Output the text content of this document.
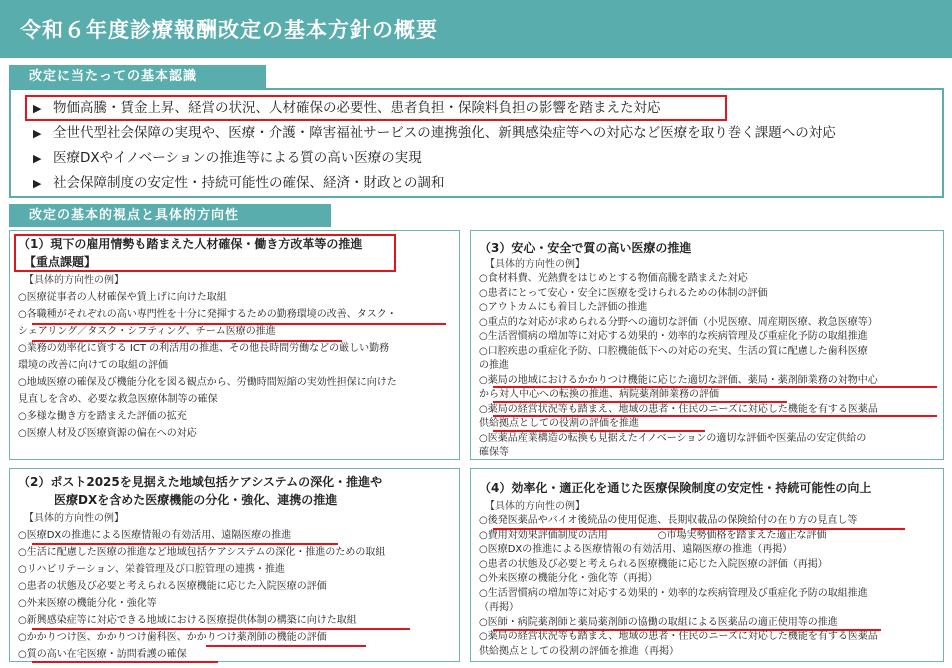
令和６年度診療報酬改定の基本方針の概要
改定に当たっての基本認識
▶ 物価高騰・賃金上昇、経営の状況、人材確保の必要性、患者負担・保険料負担の影響を踏まえた対応
▶ 全世代型社会保障の実現や、医療・介護・障害福祉サービスの連携強化、新興感染症等への対応など医療を取り巻く課題への対応
▶ 医療DXやイノベーションの推進等による質の高い医療の実現
▶ 社会保障制度の安定性・持続可能性の確保、経済・財政との調和
改定の基本的視点と具体的方向性
（1）現下の雇用情勢も踏まえた人材確保・働き方改革等の推進
【重点課題】
【具体的方向性の例】
○医療従事者の人材確保や賃上げに向けた取組
○各職種がそれぞれの高い専門性を十分に発揮するための勤務環境の改善、タスク・
シェアリング／タスク・シフティング、チーム医療の推進
○業務の効率化に資する ICT の利活用の推進、その他長時間労働などの厳しい勤務
環境の改善に向けての取組の評価
○地域医療の確保及び機能分化を図る観点から、労働時間短縮の実効性担保に向けた
見直しを含め、必要な救急医療体制等の確保
○多様な働き方を踏まえた評価の拡充
○医療人材及び医療資源の偏在への対応
（2）ポスト2025を見据えた地域包括ケアシステムの深化・推進や
医療DXを含めた医療機能の分化・強化、連携の推進
【具体的方向性の例】
○医療DXの推進による医療情報の有効活用、遠隔医療の推進
○生活に配慮した医療の推進など地域包括ケアシステムの深化・推進のための取組
○リハビリテーション、栄養管理及び口腔管理の連携・推進
○患者の状態及び必要と考えられる医療機能に応じた入院医療の評価
○外来医療の機能分化・強化等
○新興感染症等に対応できる地域における医療提供体制の構築に向けた取組
○かかりつけ医、かかりつけ歯科医、かかりつけ薬剤師の機能の評価
○質の高い在宅医療・訪問看護の確保
（3）安心・安全で質の高い医療の推進
【具体的方向性の例】
○食材料費、光熱費をはじめとする物価高騰を踏まえた対応
○患者にとって安心・安全に医療を受けられるための体制の評価
○アウトカムにも着目した評価の推進
○重点的な対応が求められる分野への適切な評価（小児医療、周産期医療、救急医療等）
○生活習慣病の増加等に対応する効果的・効率的な疾病管理及び重症化予防の取組推進
○口腔疾患の重症化予防、口腔機能低下への対応の充実、生活の質に配慮した歯科医療
の推進
○薬局の地域におけるかかりつけ機能に応じた適切な評価、薬局・薬剤師業務の対物中心
から対人中心への転換の推進、病院薬剤師業務の評価
○薬局の経営状況等も踏まえ、地域の患者・住民のニーズに対応した機能を有する医薬品
供給拠点としての役割の評価を推進
○医薬品産業構造の転換も見据えたイノベーションの適切な評価や医薬品の安定供給の
確保等
（4）効率化・適正化を通じた医療保険制度の安定性・持続可能性の向上
【具体的方向性の例】
○後発医薬品やバイオ後続品の使用促進、長期収載品の保険給付の在り方の見直し等
○費用対効果評価制度の活用　　　　　○市場実勢価格を踏まえた適正な評価
○医療DXの推進による医療情報の有効活用、遠隔医療の推進（再掲）
○患者の状態及び必要と考えられる医療機能に応じた入院医療の評価（再掲）
○外来医療の機能分化・強化等（再掲）
○生活習慣病の増加等に対応する効果的・効率的な疾病管理及び重症化予防の取組推進
（再掲）
○医師・病院薬剤師と薬局薬剤師の協働の取組による医薬品の適正使用等の推進
○薬局の経営状況等も踏まえ、地域の患者・住民のニーズに対応した機能を有する医薬品
供給拠点としての役割の評価を推進（再掲）
